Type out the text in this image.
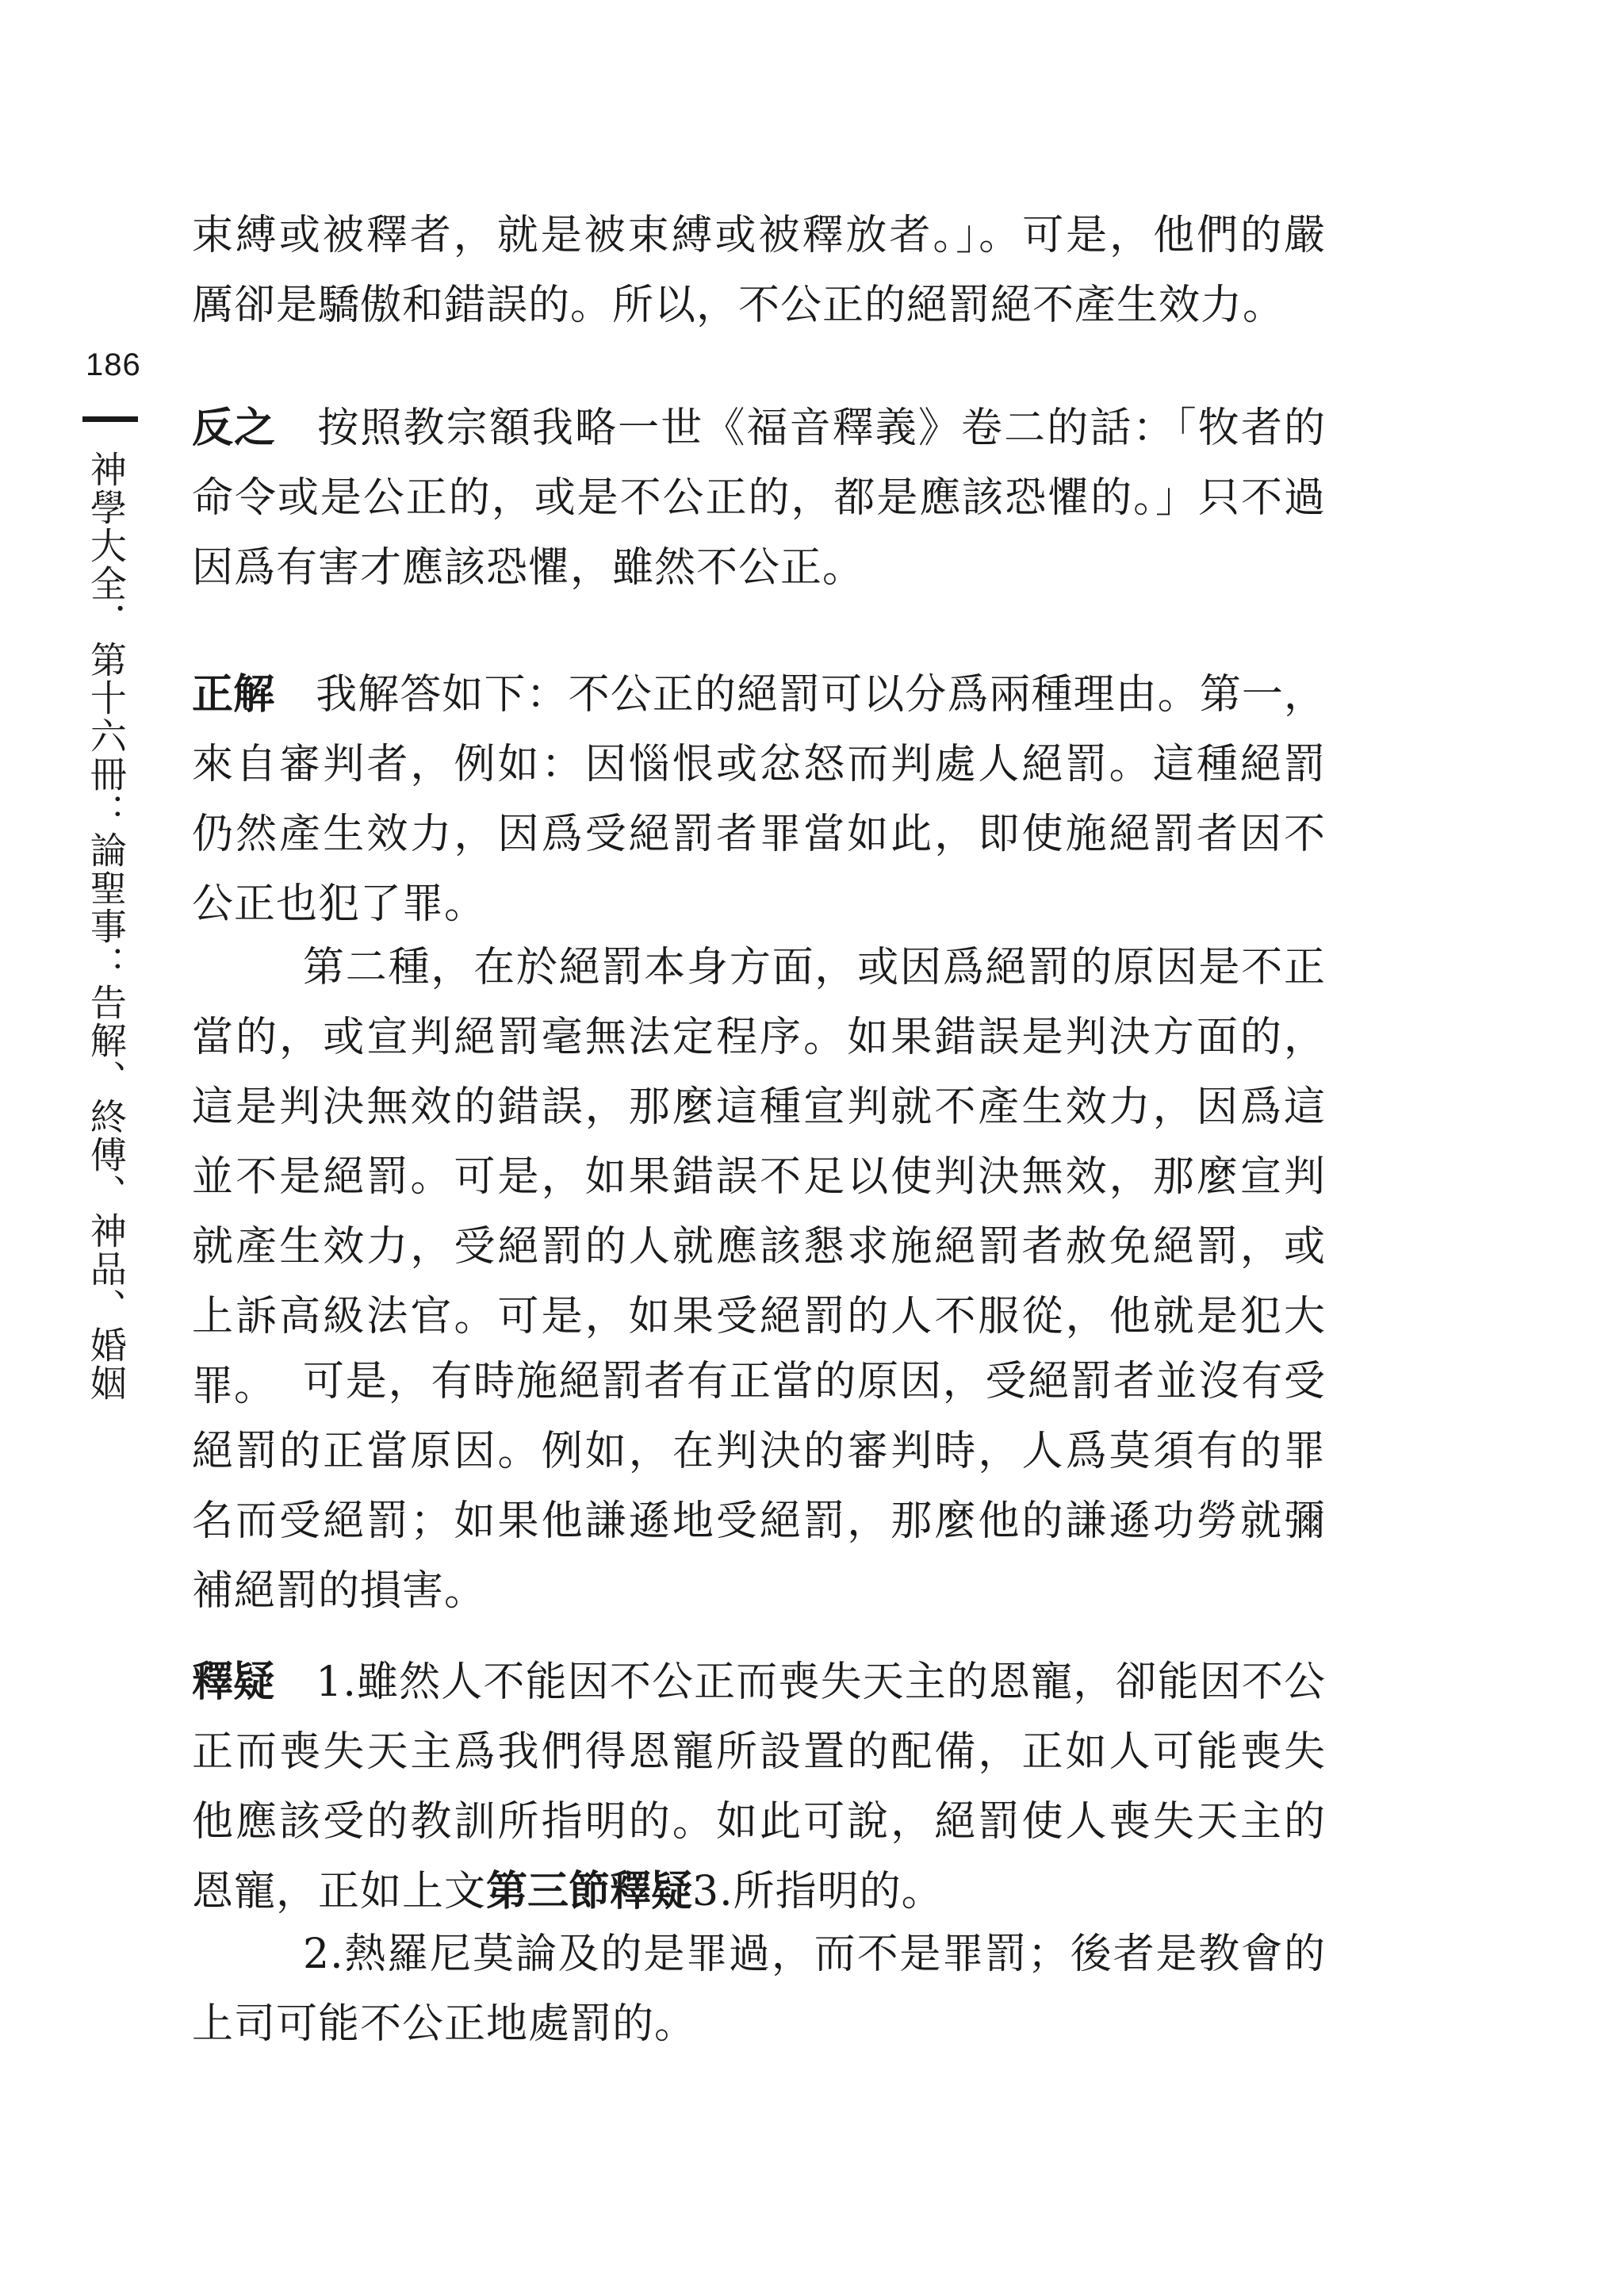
186
神學大全．第十六冊：論聖事：告解、終傅、神品、婚姻

束縛或被釋者，就是被束縛或被釋放者。」。可是，他們的嚴厲卻是驕傲和錯誤的。所以，不公正的絕罰絕不產生效力。

反之 按照教宗額我略一世《福音釋義》卷二的話：「牧者的命令或是公正的，或是不公正的，都是應該恐懼的。」只不過因爲有害才應該恐懼，雖然不公正。

正解 我解答如下：不公正的絕罰可以分爲兩種理由。第一，來自審判者，例如：因惱恨或忿怒而判處人絕罰。這種絕罰仍然產生效力，因爲受絕罰者罪當如此，即使施絕罰者因不公正也犯了罪。

第二種，在於絕罰本身方面，或因爲絕罰的原因是不正當的，或宣判絕罰毫無法定程序。如果錯誤是判決方面的，這是判決無效的錯誤，那麼這種宣判就不產生效力，因爲這並不是絕罰。可是，如果錯誤不足以使判決無效，那麼宣判就產生效力，受絕罰的人就應該懇求施絕罰者赦免絕罰，或上訴高級法官。可是，如果受絕罰的人不服從，他就是犯大罪。 可是，有時施絕罰者有正當的原因，受絕罰者並沒有受絕罰的正當原因。例如，在判決的審判時，人爲莫須有的罪名而受絕罰；如果他謙遜地受絕罰，那麼他的謙遜功勞就彌補絕罰的損害。

釋疑 1.雖然人不能因不公正而喪失天主的恩寵，卻能因不公正而喪失天主爲我們得恩寵所設置的配備，正如人可能喪失他應該受的教訓所指明的。如此可說，絕罰使人喪失天主的恩寵，正如上文第三節釋疑3.所指明的。

2.熱羅尼莫論及的是罪過，而不是罪罰；後者是教會的上司可能不公正地處罰的。
